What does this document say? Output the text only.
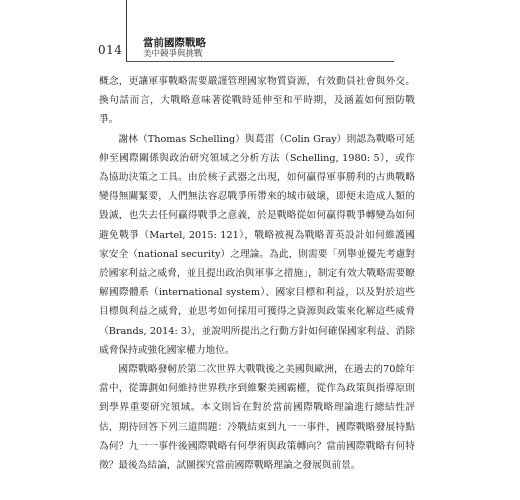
014 當前國際戰略
美中競爭與挑戰

概念，更讓軍事戰略需要嚴謹管理國家物質資源，有效動員社會與外交。換句話而言，大戰略意味著從戰時延伸至和平時期，及涵蓋如何預防戰爭。

謝林（Thomas Schelling）與葛雷（Colin Gray）則認為戰略可延伸至國際關係與政治研究領域之分析方法（Schelling, 1980: 5），或作為協助決策之工具。由於核子武器之出現，如何贏得軍事勝利的古典戰略變得無關緊要，人們無法容忍戰爭所帶來的城市破壞，即便未造成人類的毀滅，也失去任何贏得戰爭之意義，於是戰略從如何贏得戰爭轉變為如何避免戰爭（Martel, 2015: 121），戰略被視為戰略菁英設計如何維護國家安全（national security）之理論。為此，則需要「列舉並優先考慮對於國家利益之威脅，並且提出政治與軍事之措施」，制定有效大戰略需要瞭解國際體系（international system）、國家目標和利益，以及對於這些目標與利益之威脅，並思考如何採用可獲得之資源與政策來化解這些威脅（Brands, 2014: 3），並說明所提出之行動方針如何確保國家利益、消除威脅保持或強化國家權力地位。

國際戰略發軔於第二次世界大戰戰後之美國與歐洲，在過去的70餘年當中，從籌劃如何維持世界秩序到維繫美國霸權，從作為政策與指導原則到學界重要研究領域。本文則旨在對於當前國際戰略理論進行總結性評估，期待回答下列三道問題：冷戰結束到九一一事件，國際戰略發展特點為何？九一一事件後國際戰略有何學術與政策轉向？當前國際戰略有何特徵？最後為結論，試圖探究當前國際戰略理論之發展與前景。
